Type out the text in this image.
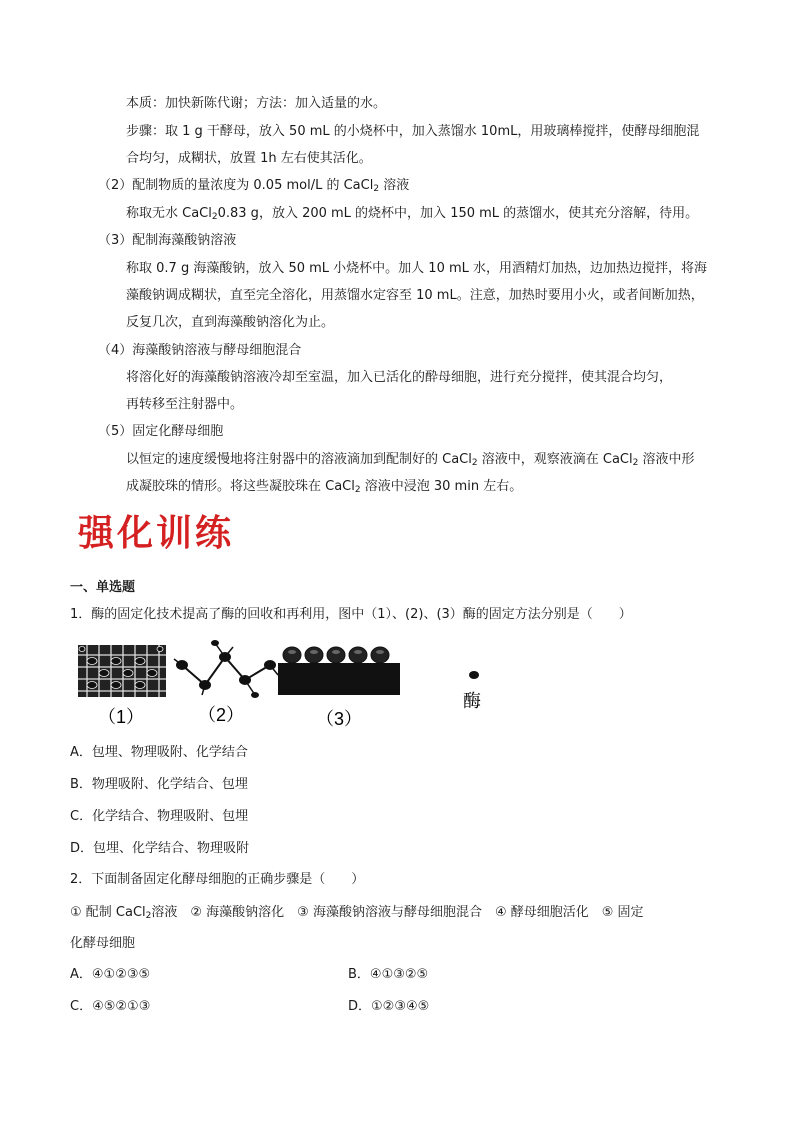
本质：加快新陈代谢；方法：加入适量的水。
步骤：取 1 g 干酵母，放入 50 mL 的小烧杯中，加入蒸馏水 10mL，用玻璃棒搅拌，使酵母细胞混
合均匀，成糊状，放置 1h 左右使其活化。
（2）配制物质的量浓度为 0.05 mol/L 的 CaCl$_2$ 溶液
称取无水 CaCl$_2$0.83 g，放入 200 mL 的烧杯中，加入 150 mL 的蒸馏水，使其充分溶解，待用。
（3）配制海藻酸钠溶液
称取 0.7 g 海藻酸钠，放入 50 mL 小烧杯中。加人 10 mL 水，用酒精灯加热，边加热边搅拌，将海
藻酸钠调成糊状，直至完全溶化，用蒸馏水定容至 10 mL。注意，加热时要用小火，或者间断加热，
反复几次，直到海藻酸钠溶化为止。
（4）海藻酸钠溶液与酵母细胞混合
将溶化好的海藻酸钠溶液冷却至室温，加入已活化的酔母细胞，进行充分搅拌，使其混合均匀，
再转移至注射器中。
（5）固定化酵母细胞
以恒定的速度缓慢地将注射器中的溶液滴加到配制好的 CaCl$_2$ 溶液中，观察液滴在 CaCl$_2$ 溶液中形
成凝胶珠的情形。将这些凝胶珠在 CaCl$_2$ 溶液中浸泡 30 min 左右。
强化训练
一、单选题
1．酶的固定化技术提高了酶的回收和再利用，图中（1）、(2)、(3）酶的固定方法分别是（　　）
（1）	（2）	（3）
酶
A．包埋、物理吸附、化学结合
B．物理吸附、化学结合、包埋
C．化学结合、物理吸附、包埋
D．包埋、化学结合、物理吸附
2．下面制备固定化酵母细胞的正确步骤是（　　）
① 配制 CaCl$_2$溶液　② 海藻酸钠溶化　③ 海藻酸钠溶液与酵母细胞混合　④ 酵母细胞活化　⑤ 固定
化酵母细胞
A．④①②③⑤	B．④①③②⑤
C．④⑤②①③	D．①②③④⑤
